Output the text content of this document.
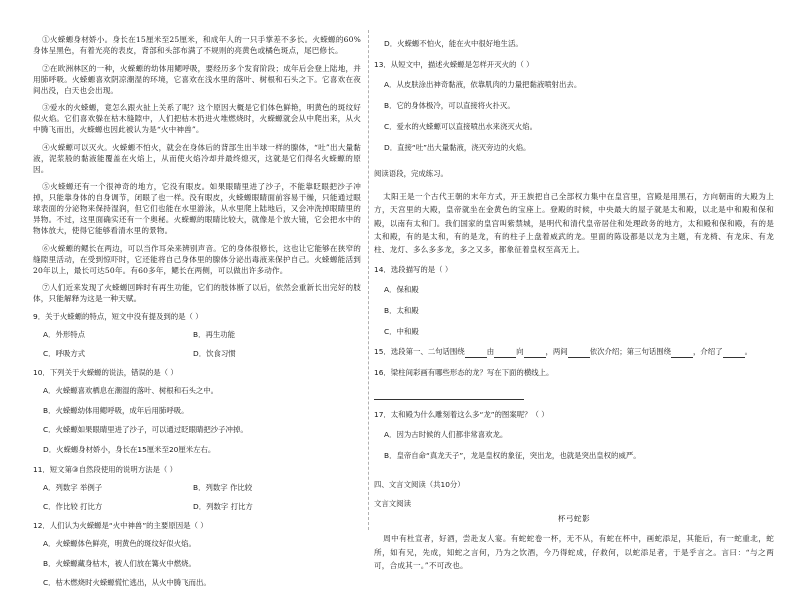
①火蝾螈身材娇小。身长在15厘米至25厘米，和成年人的一只手掌差不多长。火蝾螈的60%身体呈黑色，有着光亮的表皮，背部和头部布满了不规则的亮黄色或橘色斑点，尾巴修长。

②在欧洲林区的一种，火蝾螈的幼体用鳃呼吸，要经历多个发育阶段；成年后会登上陆地，并用肺呼吸。火蝾螈喜欢阴凉潮湿的环境，它喜欢在浅水里的落叶、树根和石头之下。它喜欢在夜间出没，白天也会出现。

③爱水的火蝾螈，竟怎么跟火扯上关系了呢？这个原因大概是它们体色鲜艳，明黄色的斑纹好似火焰。它们喜欢躲在枯木缝隙中，人们把枯木扔进火堆燃烧时，火蝾螈就会从中爬出来，从火中腾飞而出，火蝾螈也因此被认为是“火中神兽”。

④火蝾螈可以灭火。火蝾螈不怕火，就会在身体后的背部生出半球一样的腺体，“吐”出大量黏液，泥浆般的黏液能覆盖在火焰上，从而使火焰冷却并最终熄灭，这就是它们得名火蝾螈的原因。

⑤火蝾螈还有一个很神奇的地方，它没有眼皮。如果眼睛里进了沙子，不能靠眨眼把沙子冲掉，只能靠身体的自身调节，闭眼了也一样。没有眼皮，火蝾螈眼睛面前容易干燥，只能通过眼球表面的分泌物来保持湿润，但它们也能在水里游泳，从水里爬上陆地后，又会冲洗掉眼睛里的异物。不过，这里面确实还有一个奥秘。火蝾螈的眼睛比较大，就像是个放大镜，它会把水中的物体放大，使得它能够看清水里的景物。

⑥火蝾螈的鳃长在两边，可以当作耳朵来辨别声音。它的身体很修长，这也让它能够在狭窄的缝隙里活动，在受到惊吓时，它还能将自己身体里的腺体分泌出毒液来保护自己。火蝾螈能活到20年以上，最长可达50年。有60多年，鳃长在两侧，可以做出许多动作。

⑦人们近来发现了火蝾螈回眸时有再生功能，它们的肢体断了以后，依然会重新长出完好的肢体，只能解释为这是一种天赋。

9．关于火蝾螈的特点，短文中没有提及到的是（ ）

A．外形特点	B．再生功能
C．呼吸方式	D．饮食习惯

10．下列关于火蝾螈的说法，错误的是（ ）

A．火蝾螈喜欢栖息在潮湿的落叶、树根和石头之中。

B．火蝾螈幼体用鳃呼吸，成年后用肺呼吸。

C．火蝾螈如果眼睛里进了沙子，可以通过眨眼睛把沙子冲掉。

D．火蝾螈身材娇小，身长在15厘米至20厘米左右。

11．短文第③自然段使用的说明方法是（ ）

A．列数字 举例子	B．列数字 作比较
C．作比较 打比方	D．列数字 打比方

12．人们认为火蝾螈是“火中神兽”的主要原因是（ ）

A．火蝾螈体色鲜亮，明黄色的斑纹好似火焰。

B．火蝾螈藏身枯木，被人们放在篝火中燃烧。

C．枯木燃烧时火蝾螈慌忙逃出，从火中腾飞而出。

D．火蝾螈不怕火，能在火中很好地生活。

13．从短文中，描述火蝾螈是怎样开灭火的（ ）

A．从皮肤涂出神奇黏液，依靠肌肉的力量把黏液喷射出去。

B．它的身体极冷，可以直接将火扑灭。

C．爱水的火蝾螈可以直接喷出水来浇灭火焰。

D．直接“吐”出大量黏液，浇灭旁边的火焰。

阅读语段，完成练习。

太阳王是一个古代王朝的末年方式，开王族把自己全部权力集中在皇宫里，宫殿是用黑石，方向朝南的大殿为上方，天宫里的大殿，皇帝就坐在金黄色的宝座上。登殿的时候，中央最大的屋子就是太和殿，以北是中和殿和保和殿，以南有太和门。我们国家的皇宫叫紫禁城，是明代和清代皇帝居住和处理政务的地方，太和殿和保和殿，有的是太和殿，有的是太和，有的是龙，有的柱子上盘着威武的龙。里面的陈设都是以龙为主题，有龙椅、有龙床、有龙柱、龙灯、多么多多龙，多之又多，都象征着皇权至高无上。

14．选段描写的是（ ）

A．保和殿

B．太和殿

C．中和殿

15．选段第一、二句话围绕	由	向	，两间	依次介绍；第三句话围绕	，介绍了	。

16．梁柱间彩画有哪些形态的龙？写在下面的横线上。

17．太和殿为什么雕刻着这么多“龙”的图案呢？（ ）

A．因为古时候的人们都非常喜欢龙。

B．皇帝自命“真龙天子”，龙是皇权的象征，突出龙，也就是突出皇权的威严。

四、文言文阅读（共10分）

文言文阅读

杯弓蛇影

周中有杜宣者，好酒，尝赴友人宴。有蛇蛇卷一杯，无不从，有蛇在杯中，画蛇添足，其能后，有一蛇重北，蛇所，如有兄，先成，知蛇之言何，乃为之饮酒，今乃得蛇成，仔救何，以蛇添足者，于是乎言之。言曰：“与之两可，合成其一。”不可改也。
